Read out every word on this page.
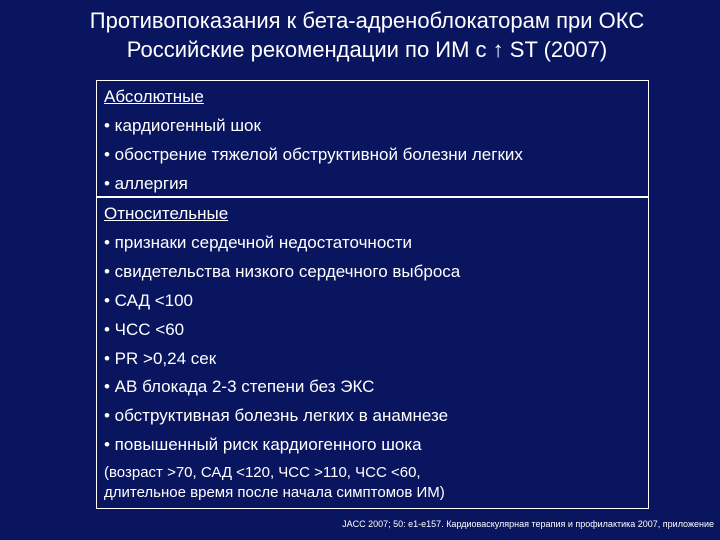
Противопоказания к бета-адреноблокаторам при ОКС
Российские рекомендации по ИМ с ↑ ST (2007)
Абсолютные
• кардиогенный шок
• обострение тяжелой обструктивной болезни легких
• аллергия
Относительные
• признаки сердечной недостаточности
• свидетельства низкого сердечного выброса
• САД <100
• ЧСС <60
• PR >0,24 сек
• АВ блокада 2-3 степени без ЭКС
• обструктивная болезнь легких в анамнезе
• повышенный риск кардиогенного шока
(возраст >70, САД <120, ЧСС >110, ЧСС <60,
длительное время после начала симптомов ИМ)
JACC 2007; 50: e1-e157. Кардиоваскулярная терапия и профилактика 2007, приложение
